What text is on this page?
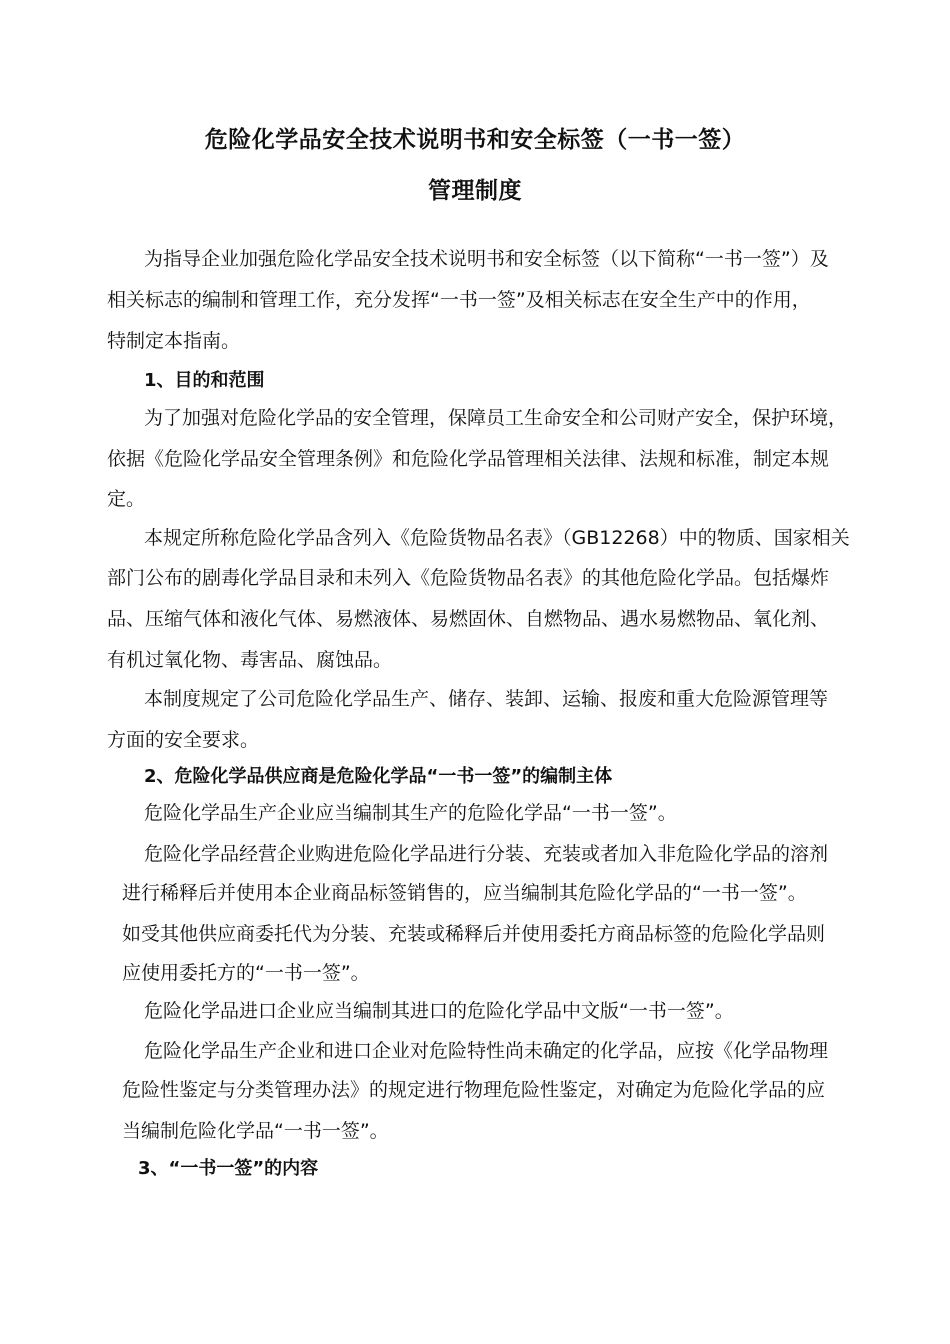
危险化学品安全技术说明书和安全标签（一书一签）
管理制度
为指导企业加强危险化学品安全技术说明书和安全标签（以下简称“一书一签”）及
相关标志的编制和管理工作，充分发挥“一书一签”及相关标志在安全生产中的作用，
特制定本指南。
1、目的和范围
为了加强对危险化学品的安全管理，保障员工生命安全和公司财产安全，保护环境，
依据《危险化学品安全管理条例》和危险化学品管理相关法律、法规和标准，制定本规
定。
本规定所称危险化学品含列入《危险货物品名表》（GB12268）中的物质、国家相关
部门公布的剧毒化学品目录和未列入《危险货物品名表》的其他危险化学品。包括爆炸
品、压缩气体和液化气体、易燃液体、易燃固休、自燃物品、遇水易燃物品、氧化剂、
有机过氧化物、毒害品、腐蚀品。
本制度规定了公司危险化学品生产、储存、装卸、运输、报废和重大危险源管理等
方面的安全要求。
2、危险化学品供应商是危险化学品“一书一签”的编制主体
危险化学品生产企业应当编制其生产的危险化学品“一书一签”。
危险化学品经营企业购进危险化学品进行分装、充装或者加入非危险化学品的溶剂
进行稀释后并使用本企业商品标签销售的，应当编制其危险化学品的“一书一签”。
如受其他供应商委托代为分装、充装或稀释后并使用委托方商品标签的危险化学品则
应使用委托方的“一书一签”。
危险化学品进口企业应当编制其进口的危险化学品中文版“一书一签”。
危险化学品生产企业和进口企业对危险特性尚未确定的化学品，应按《化学品物理
危险性鉴定与分类管理办法》的规定进行物理危险性鉴定，对确定为危险化学品的应
当编制危险化学品“一书一签”。
3、“一书一签”的内容
